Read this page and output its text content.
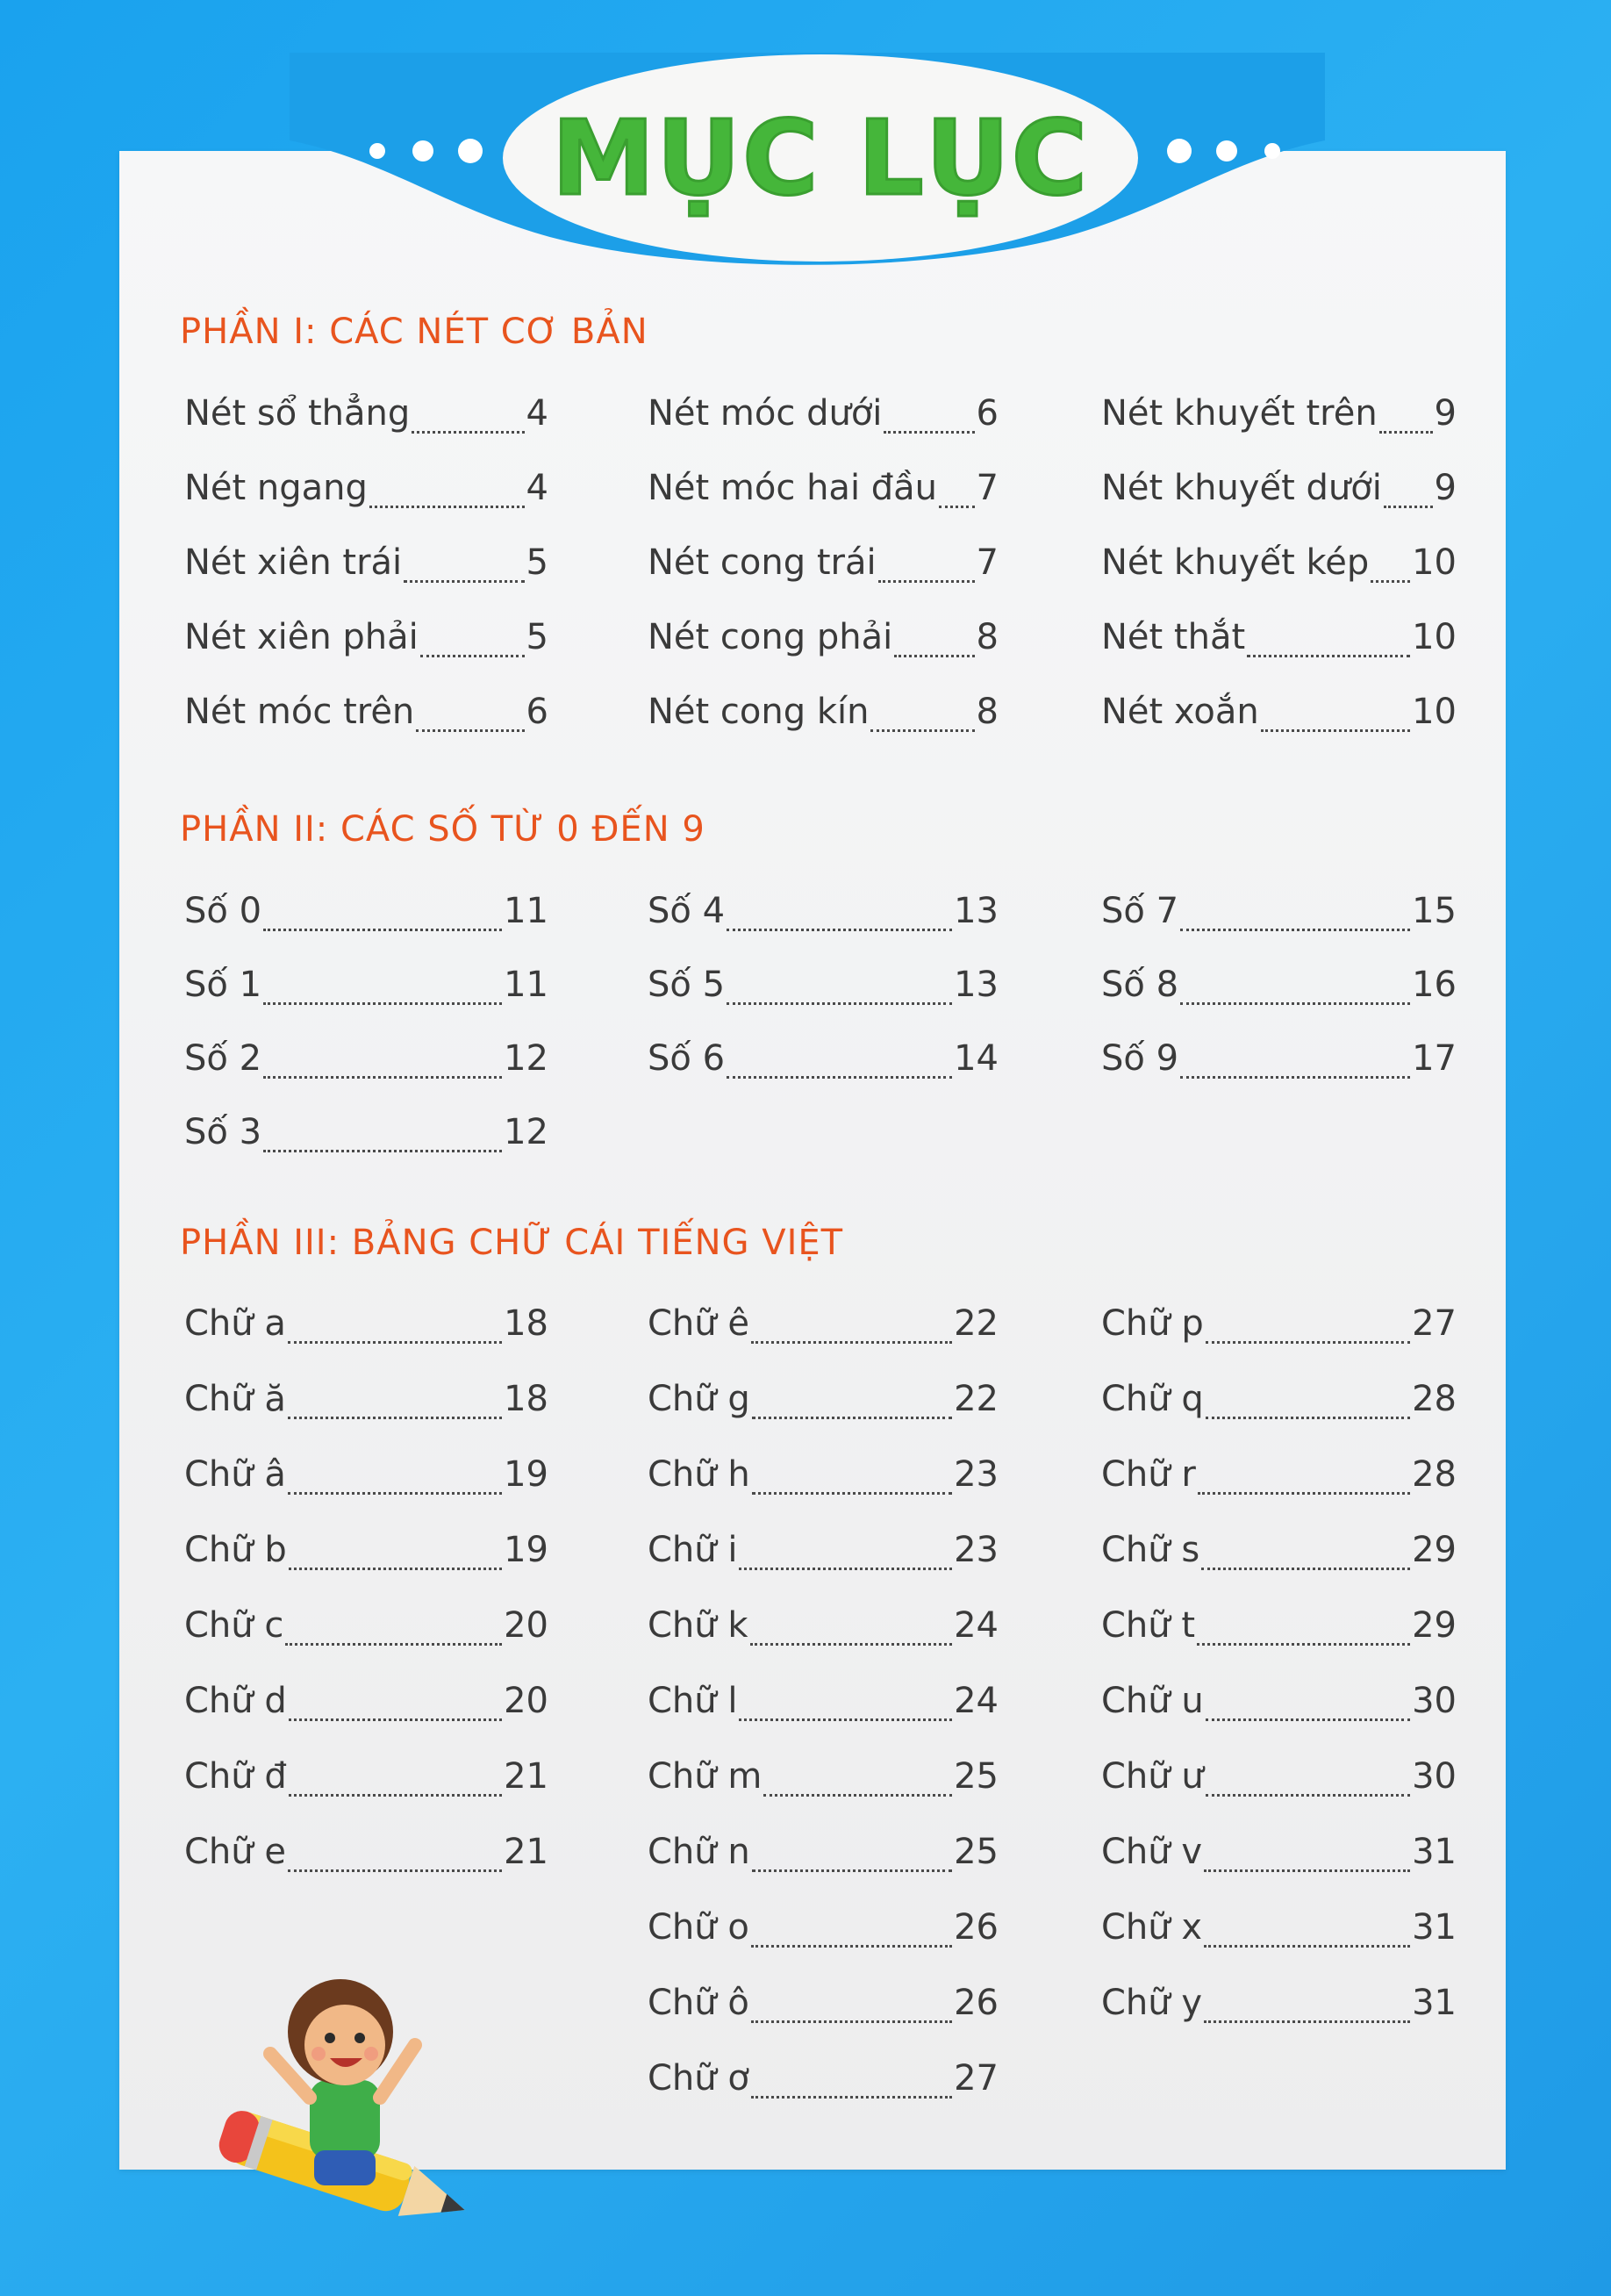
MỤC LỤC
PHẦN I: CÁC NÉT CƠ BẢN
Nét sổ thẳng	4
Nét ngang	4
Nét xiên trái	5
Nét xiên phải	5
Nét móc trên	6
Nét móc dưới	6
Nét móc hai đầu 7
Nét cong trái	7
Nét cong phải 8
Nét cong kín	8
Nét khuyết trên 9
Nét khuyết dưới 9
Nét khuyết kép 10
Nét thắt	10
Nét xoắn	10
PHẦN II: CÁC SỐ TỪ 0 ĐẾN 9
Số 0	11
Số 1	11
Số 2	12
Số 3	12
Số 4	13
Số 5	13
Số 6	14
Số 7	15
Số 8	16
Số 9	17
PHẦN III: BẢNG CHỮ CÁI TIẾNG VIỆT
Chữ a	18
Chữ ă	18
Chữ â	19
Chữ b	19
Chữ c	20
Chữ d	20
Chữ đ	21
Chữ e	21
Chữ ê	22
Chữ g	22
Chữ h	23
Chữ i	23
Chữ k	24
Chữ l	24
Chữ m	25
Chữ n	25
Chữ o	26
Chữ ô	26
Chữ ơ	27
Chữ p	27
Chữ q	28
Chữ r	28
Chữ s	29
Chữ t	29
Chữ u	30
Chữ ư	30
Chữ v	31
Chữ x	31
Chữ y	31
